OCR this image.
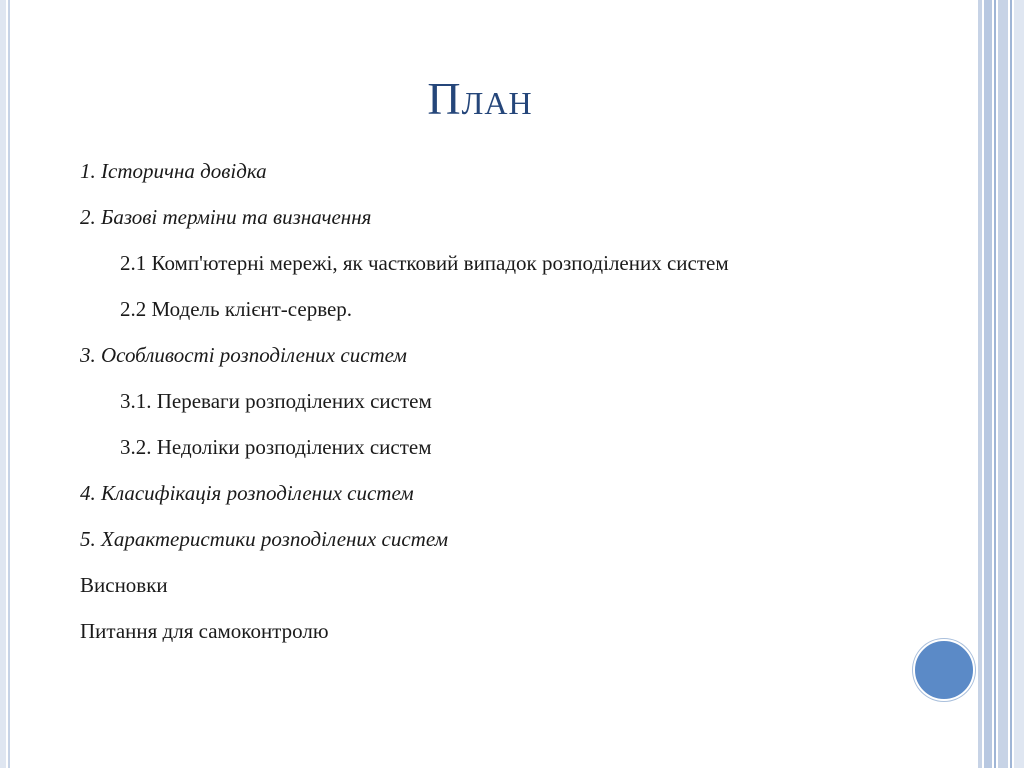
План
1. Історична довідка
2. Базові терміни та визначення
2.1 Комп'ютерні мережі, як частковий випадок розподілених систем
2.2 Модель клієнт-сервер.
3. Особливості розподілених систем
3.1. Переваги розподілених систем
3.2. Недоліки розподілених систем
4. Класифікація розподілених систем
5. Характеристики розподілених систем
Висновки
Питання для самоконтролю
